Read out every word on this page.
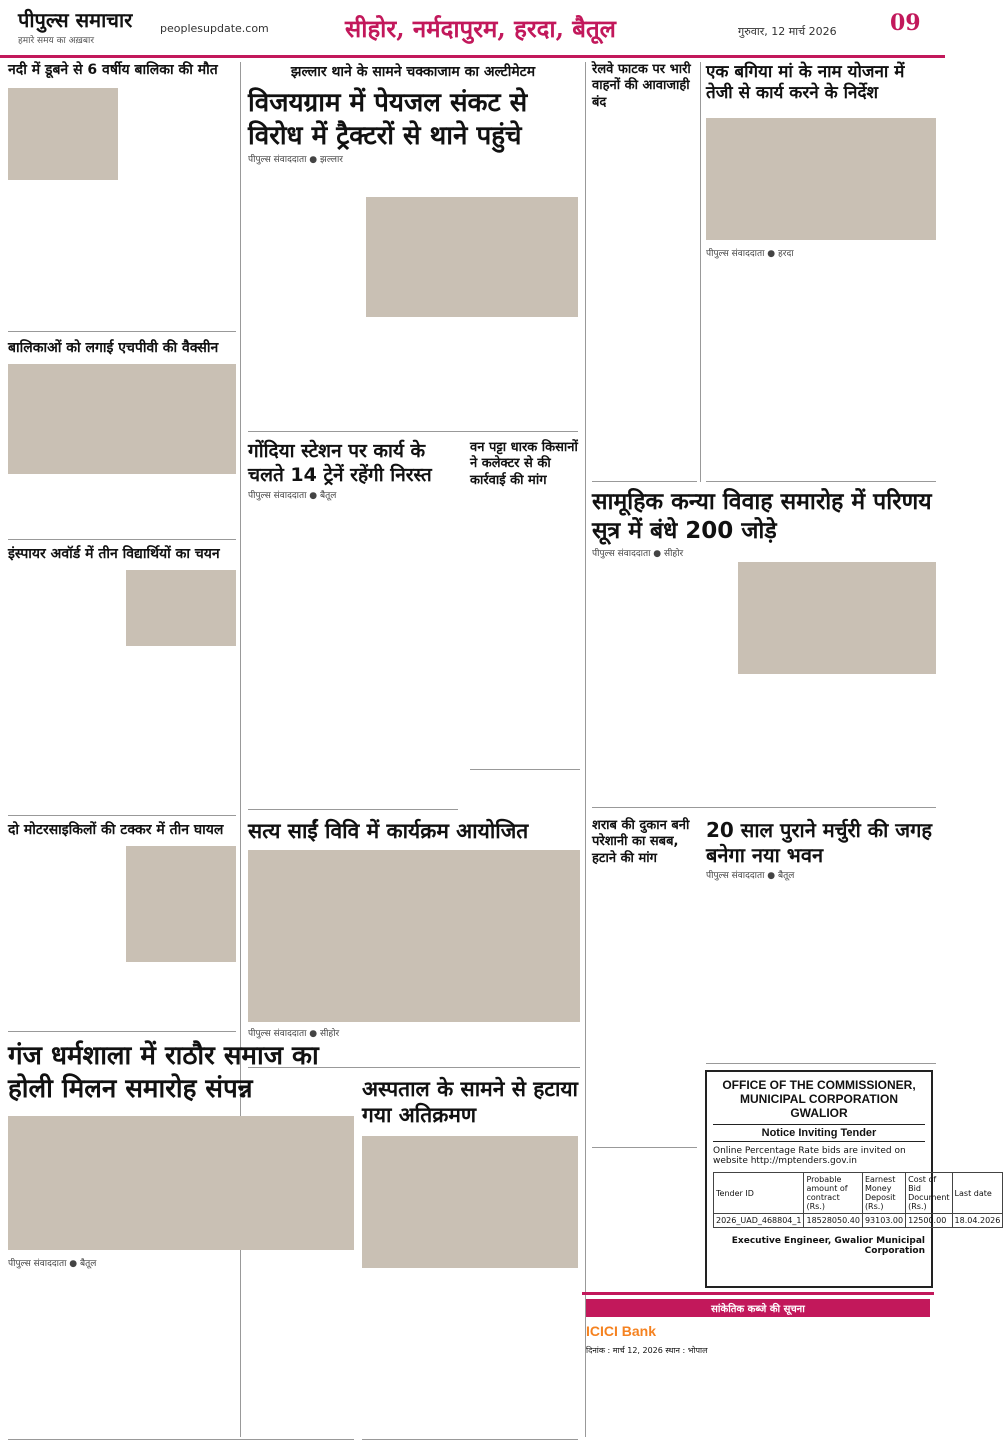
पीपुल्स समाचार
हमारे समय का अख़बार
peoplesupdate.com	सीहोर, नर्मदापुरम, हरदा, बैतूल	गुरुवार, 12 मार्च 2026 09
नदी में डूबने से 6 वर्षीय बालिका की मौत	झल्लार थाने के सामने चक्काजाम का अल्टीमेटम
विजयग्राम में पेयजल संकट से विरोध में ट्रैक्टरों से थाने पहुंचे
पीपुल्स संवाददाता ● झल्लार
रेलवे फाटक पर भारी वाहनों की आवाजाही बंद
एक बगिया मां के नाम योजना में तेजी से कार्य करने के निर्देश
पीपुल्स संवाददाता ● हरदा
बालिकाओं को लगाई एचपीवी की वैक्सीन
गोंदिया स्टेशन पर कार्य के चलते 14 ट्रेनें रहेंगी निरस्त
पीपुल्स संवाददाता ● बैतूल
वन पट्टा धारक किसानों ने कलेक्टर से की कार्रवाई की मांग
सामूहिक कन्या विवाह समारोह में परिणय सूत्र में बंधे 200 जोड़े
पीपुल्स संवाददाता ● सीहोर
इंस्पायर अवॉर्ड में तीन विद्यार्थियों का चयन
दो मोटरसाइकिलों की टक्कर में तीन घायल	सत्य साईं विवि में कार्यक्रम आयोजित
पीपुल्स संवाददाता ● सीहोर
शराब की दुकान बनी परेशानी का सबब, हटाने की मांग
20 साल पुराने मर्चुरी की जगह बनेगा नया भवन
पीपुल्स संवाददाता ● बैतूल
गंज धर्मशाला में राठौर समाज का होली मिलन समारोह संपन्न
पीपुल्स संवाददाता ● बैतूल
अस्पताल के सामने से हटाया गया अतिक्रमण
OFFICE OF THE COMMISSIONER, MUNICIPAL CORPORATION GWALIOR
Notice Inviting Tender
Online Percentage Rate bids are invited on website http://mptenders.gov.in
Tender ID	Probable amount of contract (Rs.)	Earnest Money Deposit (Rs.)	Cost of Bid Document (Rs.)	Last date
2026_UAD_468804_1	18528050.40	93103.00	12500.00	18.04.2026
Executive Engineer, Gwalior Municipal Corporation
सांकेतिक कब्जे की सूचना
ICICI Bank
दिनांक : मार्च 12, 2026 स्थान : भोपाल
